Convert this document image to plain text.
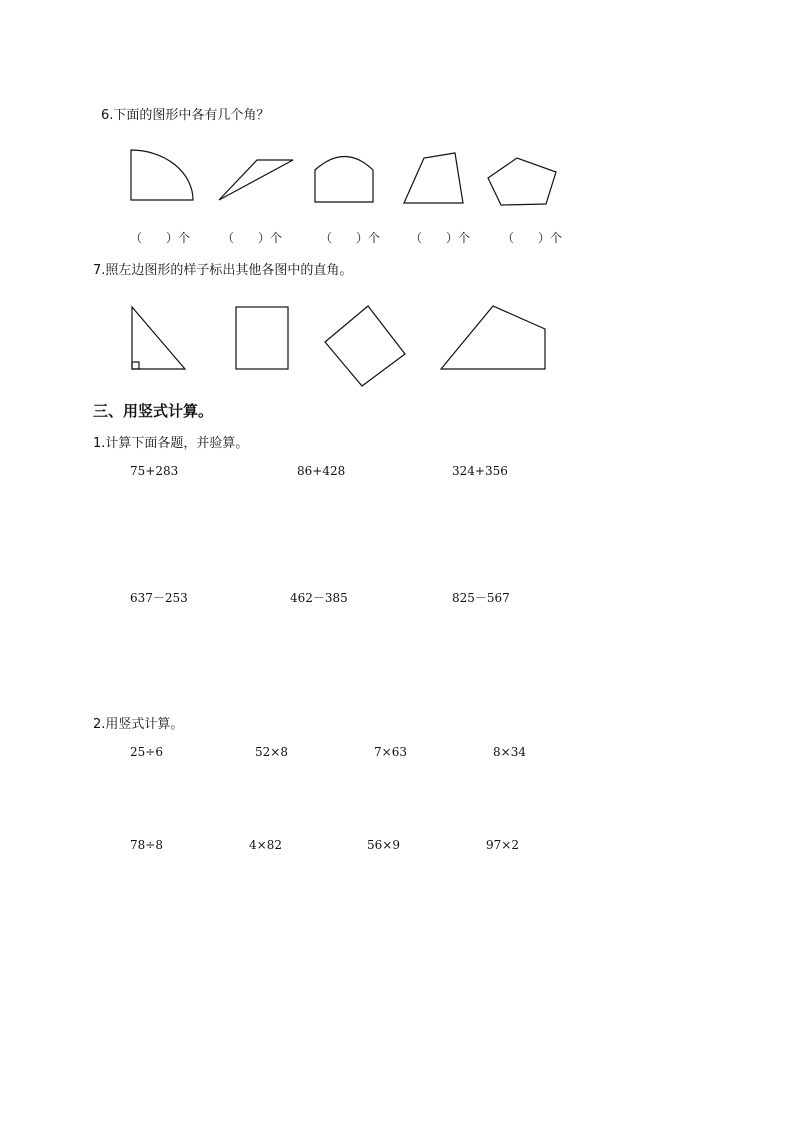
6.下面的图形中各有几个角？
（　　）个	（　　）个	（　　）个 （　　）个	（　　）个
7.照左边图形的样子标出其他各图中的直角。
三、用竖式计算。
1.计算下面各题，并验算。
75+283	86+428	324+356
637－253	462－385	825－567
2.用竖式计算。
25÷6	52×8	7×63	8×34
78÷8	4×82	56×9	97×2
